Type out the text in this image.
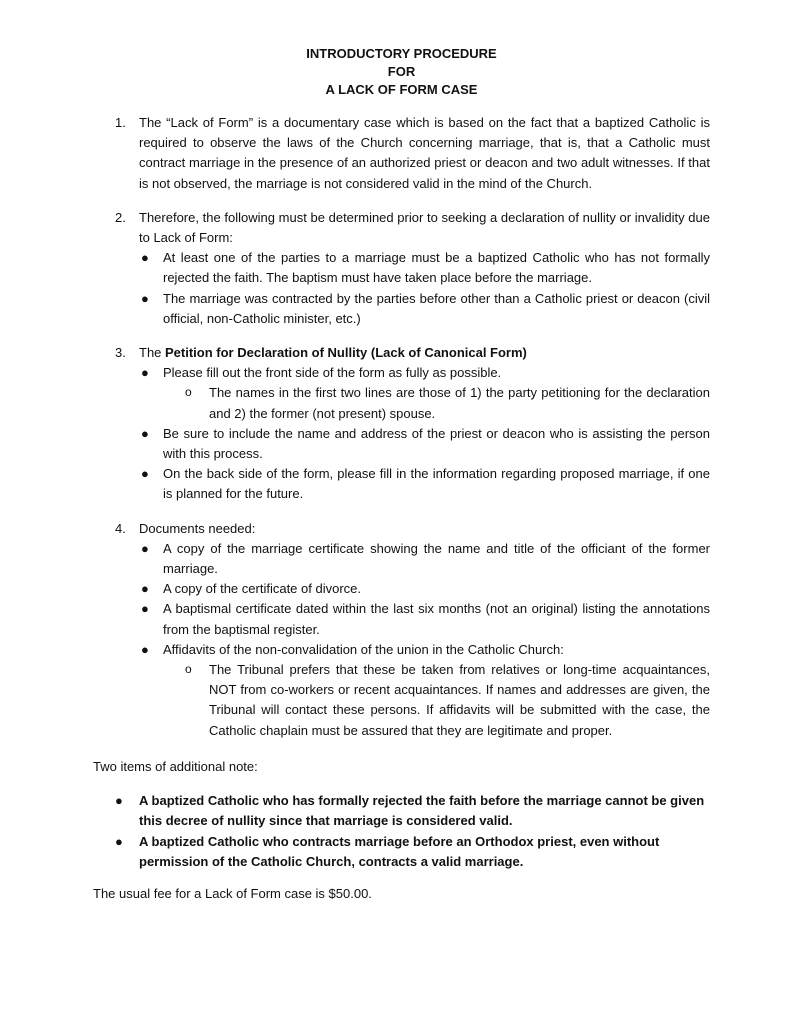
INTRODUCTORY PROCEDURE
FOR
A LACK OF FORM CASE
1. The “Lack of Form” is a documentary case which is based on the fact that a baptized Catholic is required to observe the laws of the Church concerning marriage, that is, that a Catholic must contract marriage in the presence of an authorized priest or deacon and two adult witnesses. If that is not observed, the marriage is not considered valid in the mind of the Church.
2. Therefore, the following must be determined prior to seeking a declaration of nullity or invalidity due to Lack of Form:
● At least one of the parties to a marriage must be a baptized Catholic who has not formally rejected the faith. The baptism must have taken place before the marriage.
● The marriage was contracted by the parties before other than a Catholic priest or deacon (civil official, non-Catholic minister, etc.)
3. The Petition for Declaration of Nullity (Lack of Canonical Form)
● Please fill out the front side of the form as fully as possible.
o The names in the first two lines are those of 1) the party petitioning for the declaration and 2) the former (not present) spouse.
● Be sure to include the name and address of the priest or deacon who is assisting the person with this process.
● On the back side of the form, please fill in the information regarding proposed marriage, if one is planned for the future.
4. Documents needed:
● A copy of the marriage certificate showing the name and title of the officiant of the former marriage.
● A copy of the certificate of divorce.
● A baptismal certificate dated within the last six months (not an original) listing the annotations from the baptismal register.
● Affidavits of the non-convalidation of the union in the Catholic Church:
o The Tribunal prefers that these be taken from relatives or long-time acquaintances, NOT from co-workers or recent acquaintances. If names and addresses are given, the Tribunal will contact these persons. If affidavits will be submitted with the case, the Catholic chaplain must be assured that they are legitimate and proper.
Two items of additional note:
● A baptized Catholic who has formally rejected the faith before the marriage cannot be given this decree of nullity since that marriage is considered valid.
● A baptized Catholic who contracts marriage before an Orthodox priest, even without permission of the Catholic Church, contracts a valid marriage.
The usual fee for a Lack of Form case is $50.00.
